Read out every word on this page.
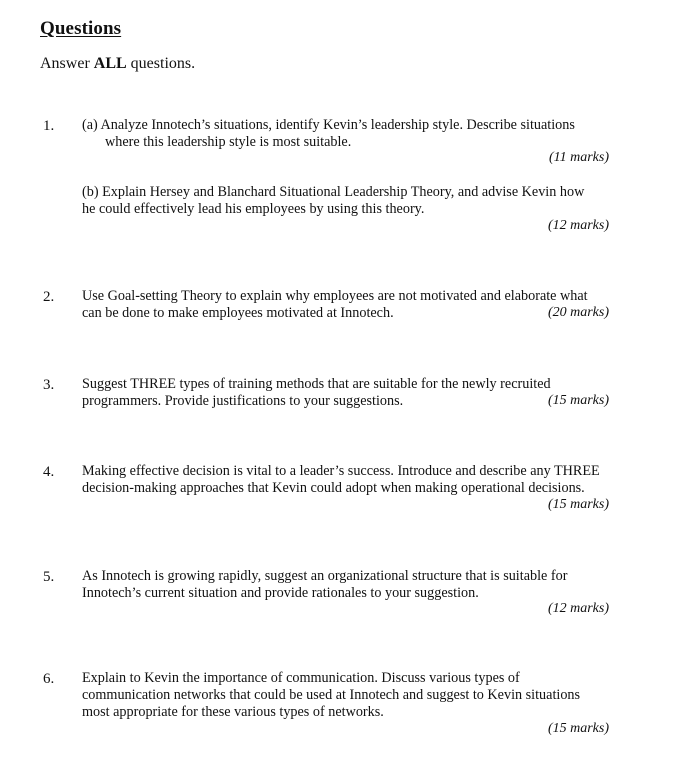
Questions
Answer ALL questions.
1. (a) Analyze Innotech’s situations, identify Kevin’s leadership style. Describe situations
where this leadership style is most suitable.
(11 marks)
(b) Explain Hersey and Blanchard Situational Leadership Theory, and advise Kevin how
he could effectively lead his employees by using this theory.
(12 marks)
2. Use Goal-setting Theory to explain why employees are not motivated and elaborate what
can be done to make employees motivated at Innotech.	(20 marks)
3. Suggest THREE types of training methods that are suitable for the newly recruited
programmers. Provide justifications to your suggestions.	(15 marks)
4. Making effective decision is vital to a leader’s success. Introduce and describe any THREE
decision-making approaches that Kevin could adopt when making operational decisions.
(15 marks)
5. As Innotech is growing rapidly, suggest an organizational structure that is suitable for
Innotech’s current situation and provide rationales to your suggestion.
(12 marks)
6. Explain to Kevin the importance of communication. Discuss various types of
communication networks that could be used at Innotech and suggest to Kevin situations
most appropriate for these various types of networks.
(15 marks)
